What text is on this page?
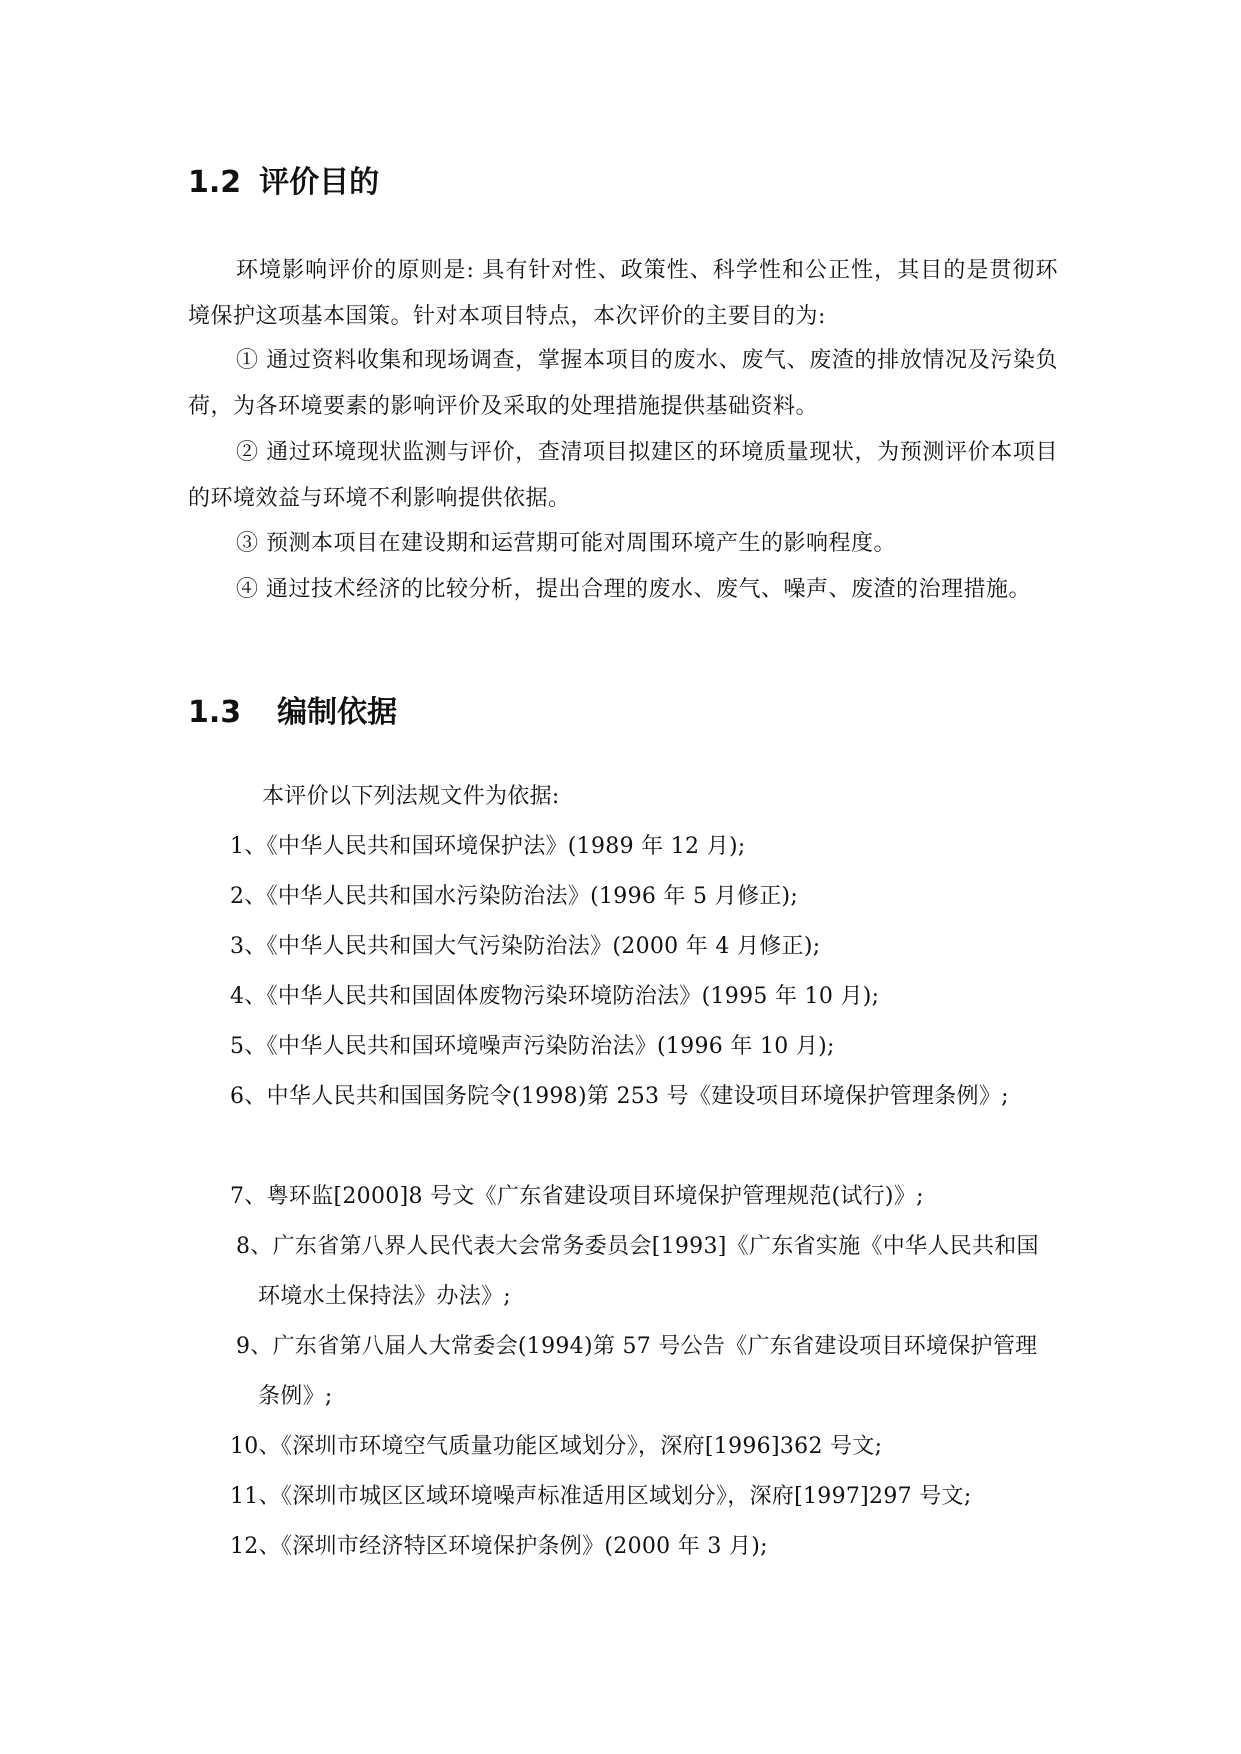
1.2 评价目的

环境影响评价的原则是: 具有针对性、政策性、科学性和公正性，其目的是贯彻环境保护这项基本国策。针对本项目特点，本次评价的主要目的为:

① 通过资料收集和现场调查，掌握本项目的废水、废气、废渣的排放情况及污染负荷，为各环境要素的影响评价及采取的处理措施提供基础资料。

② 通过环境现状监测与评价，查清项目拟建区的环境质量现状，为预测评价本项目的环境效益与环境不利影响提供依据。

③ 预测本项目在建设期和运营期可能对周围环境产生的影响程度。

④ 通过技术经济的比较分析，提出合理的废水、废气、噪声、废渣的治理措施。

1.3 编制依据
本评价以下列法规文件为依据:
1、《中华人民共和国环境保护法》(1989 年 12 月);
2、《中华人民共和国水污染防治法》(1996 年 5 月修正);
3、《中华人民共和国大气污染防治法》(2000 年 4 月修正);
4、《中华人民共和国固体废物污染环境防治法》(1995 年 10 月);
5、《中华人民共和国环境噪声污染防治法》(1996 年 10 月);
6、中华人民共和国国务院令(1998)第 253 号《建设项目环境保护管理条例》;
7、粤环监[2000]8 号文《广东省建设项目环境保护管理规范(试行)》;
8、广东省第八界人民代表大会常务委员会[1993]《广东省实施《中华人民共和国环境水土保持法》办法》;
9、广东省第八届人大常委会(1994)第 57 号公告《广东省建设项目环境保护管理条例》;
10、《深圳市环境空气质量功能区域划分》，深府[1996]362 号文;
11、《深圳市城区区域环境噪声标准适用区域划分》，深府[1997]297 号文;
12、《深圳市经济特区环境保护条例》(2000 年 3 月);
